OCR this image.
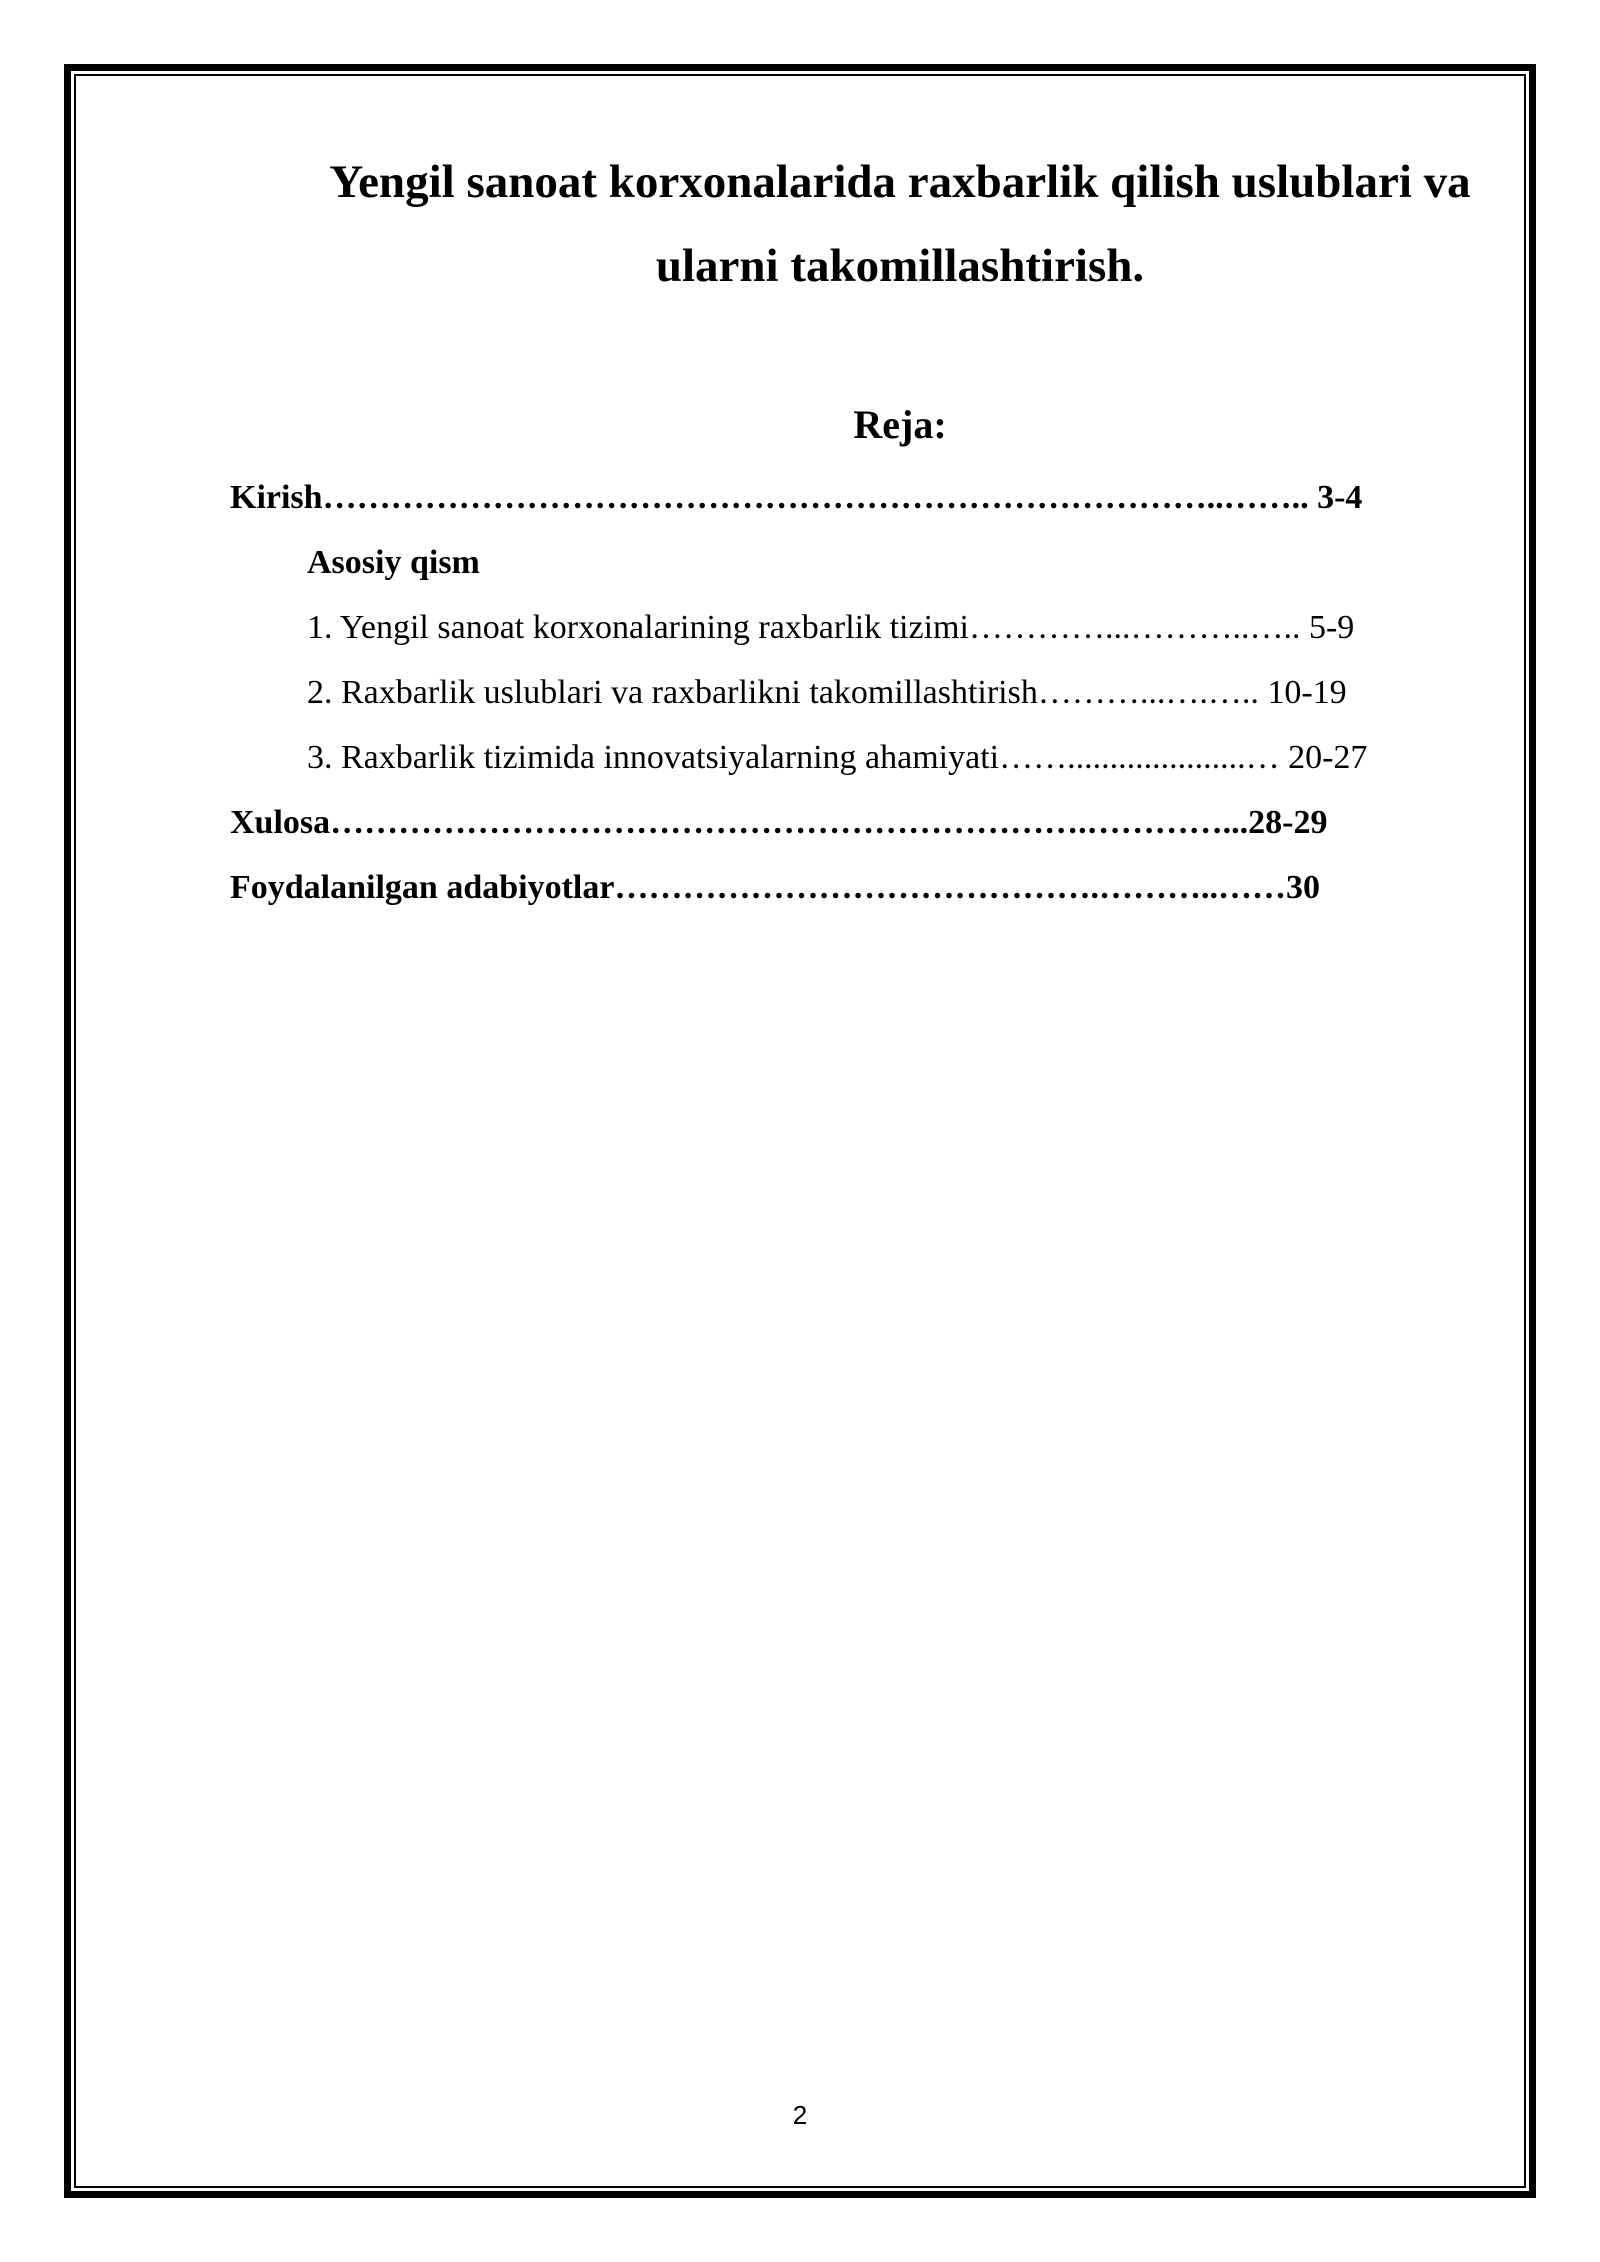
Yengil sanoat korxonalarida raxbarlik qilish uslublari va
ularni takomillashtirish.
Reja:
Kirish……………………………………………………………………..…….. 3-4
Asosiy qism
1. Yengil sanoat korxonalarining raxbarlik tizimi…………...………..….. 5-9
2. Raxbarlik uslublari va raxbarlikni takomillashtirish………...….….. 10-19
3. Raxbarlik tizimida innovatsiyalarning ahamiyati…….....................… 20-27
Xulosa………………………………………………………….…………...28-29
Foydalanilgan adabiyotlar…………………………………….………..……30
2
